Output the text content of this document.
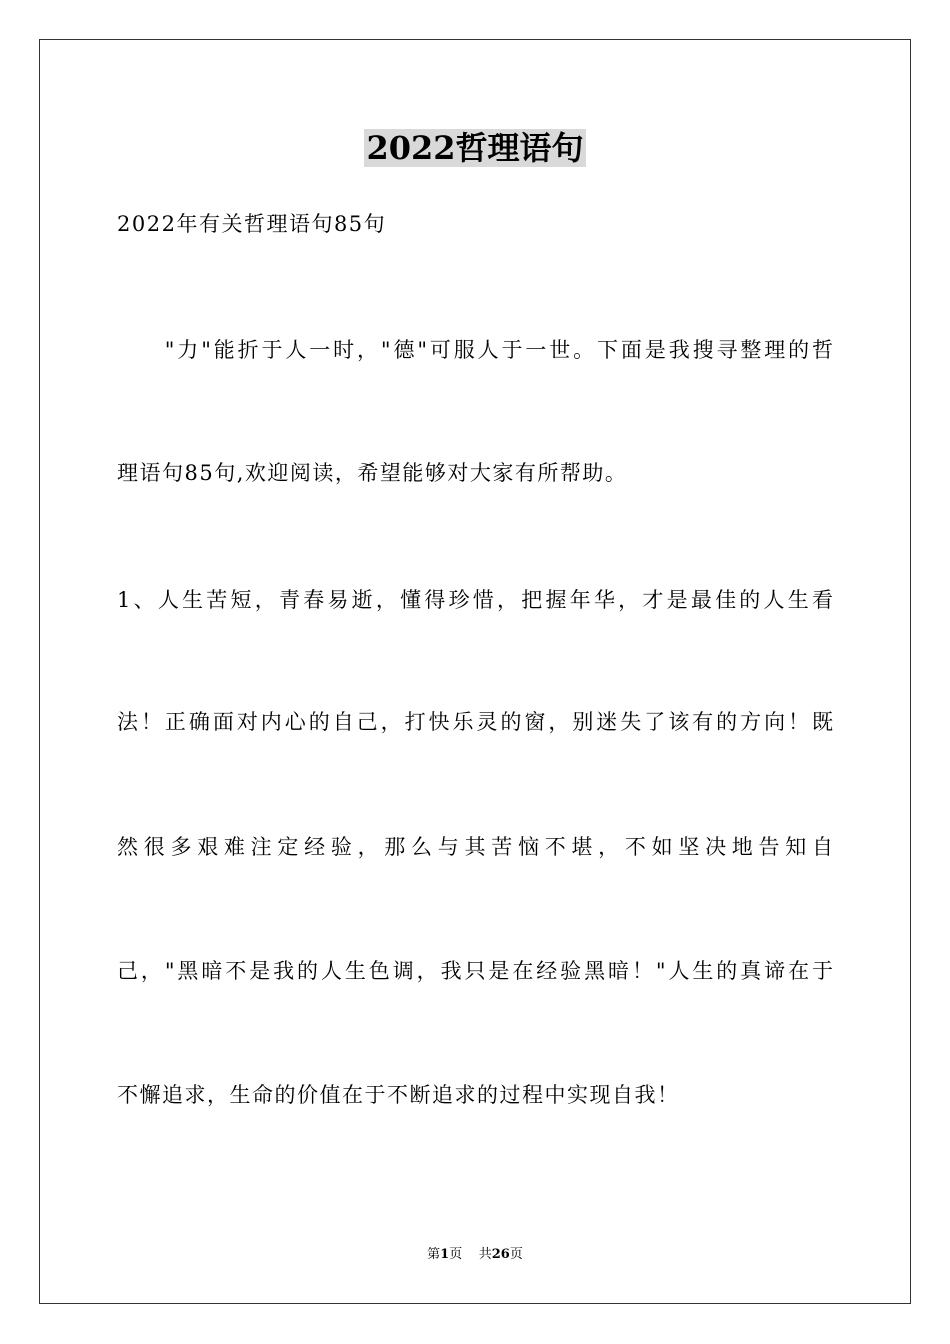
2022哲理语句
2022年有关哲理语句85句
　　"力"能折于人一时，"德"可服人于一世。下面是我搜寻整理的哲
理语句85句,欢迎阅读，希望能够对大家有所帮助。
1、人生苦短，青春易逝，懂得珍惜，把握年华，才是最佳的人生看
法！正确面对内心的自己，打快乐灵的窗，别迷失了该有的方向！既
然很多艰难注定经验，那么与其苦恼不堪，不如坚决地告知自
己，"黑暗不是我的人生色调，我只是在经验黑暗！"人生的真谛在于
不懈追求，生命的价值在于不断追求的过程中实现自我！
第1页 共26页
